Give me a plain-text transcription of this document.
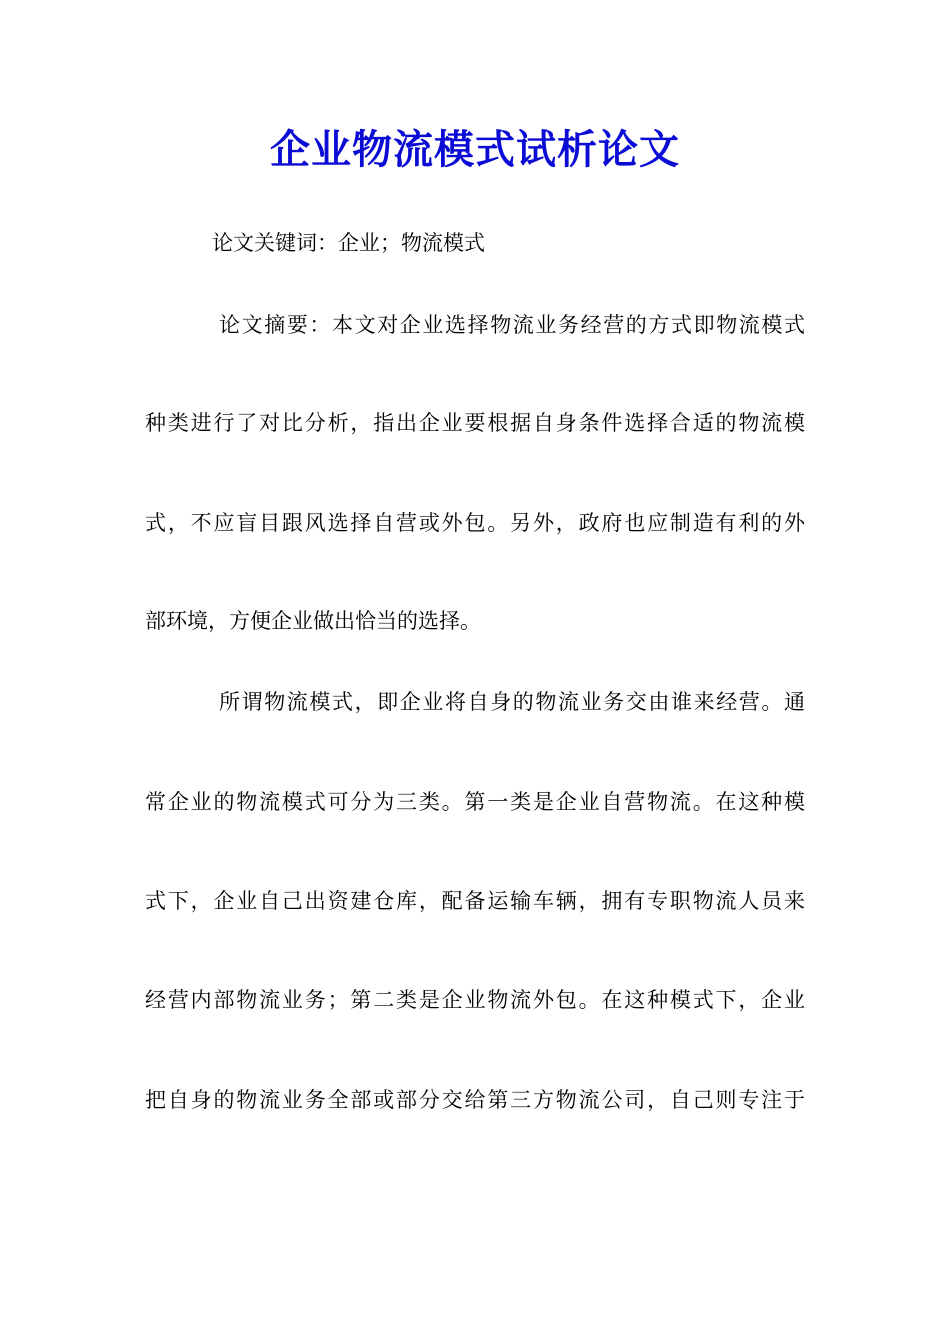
企业物流模式试析论文
论文关键词：企业；物流模式
论文摘要：本文对企业选择物流业务经营的方式即物流模式
种类进行了对比分析，指出企业要根据自身条件选择合适的物流模
式，不应盲目跟风选择自营或外包。另外，政府也应制造有利的外
部环境，方便企业做出恰当的选择。
所谓物流模式，即企业将自身的物流业务交由谁来经营。通
常企业的物流模式可分为三类。第一类是企业自营物流。在这种模
式下，企业自己出资建仓库，配备运输车辆，拥有专职物流人员来
经营内部物流业务；第二类是企业物流外包。在这种模式下，企业
把自身的物流业务全部或部分交给第三方物流公司，自己则专注于
